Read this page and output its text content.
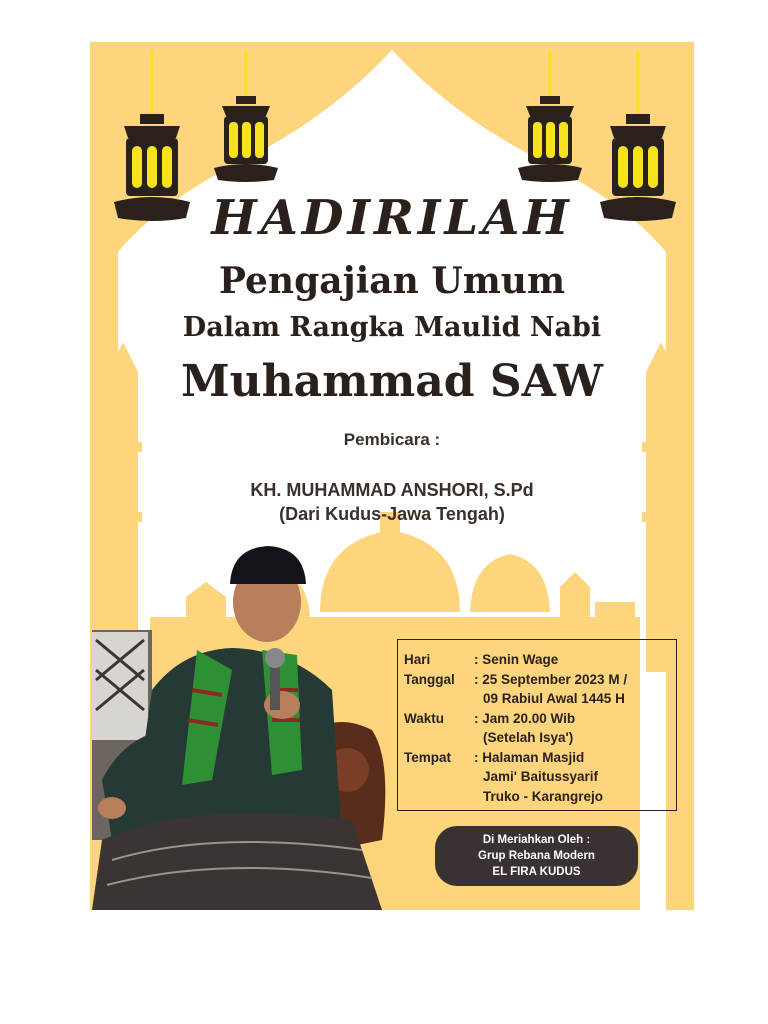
HADIRILAH
Pengajian Umum
Dalam Rangka Maulid Nabi
Muhammad SAW
Pembicara :
KH. MUHAMMAD ANSHORI, S.Pd
(Dari Kudus-Jawa Tengah)
Hari	: Senin Wage
Tanggal	: 25 September 2023 M /
09 Rabiul Awal 1445 H
Waktu	: Jam 20.00 Wib
(Setelah Isya')
Tempat	: Halaman Masjid
Jami' Baitussyarif
Truko - Karangrejo
Di Meriahkan Oleh :
Grup Rebana Modern
EL FIRA KUDUS
